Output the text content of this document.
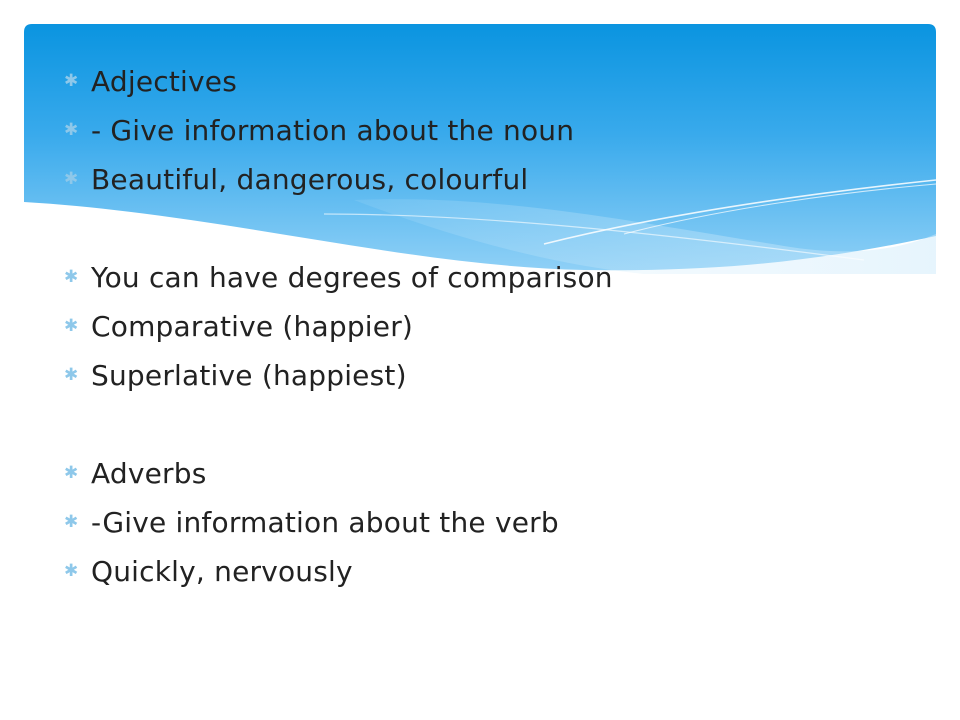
✱ Adjectives
✱ - Give information about the noun
✱ Beautiful, dangerous, colourful
✱ You can have degrees of comparison
✱ Comparative (happier)
✱ Superlative (happiest)
✱ Adverbs
✱ -Give information about the verb
✱ Quickly, nervously
